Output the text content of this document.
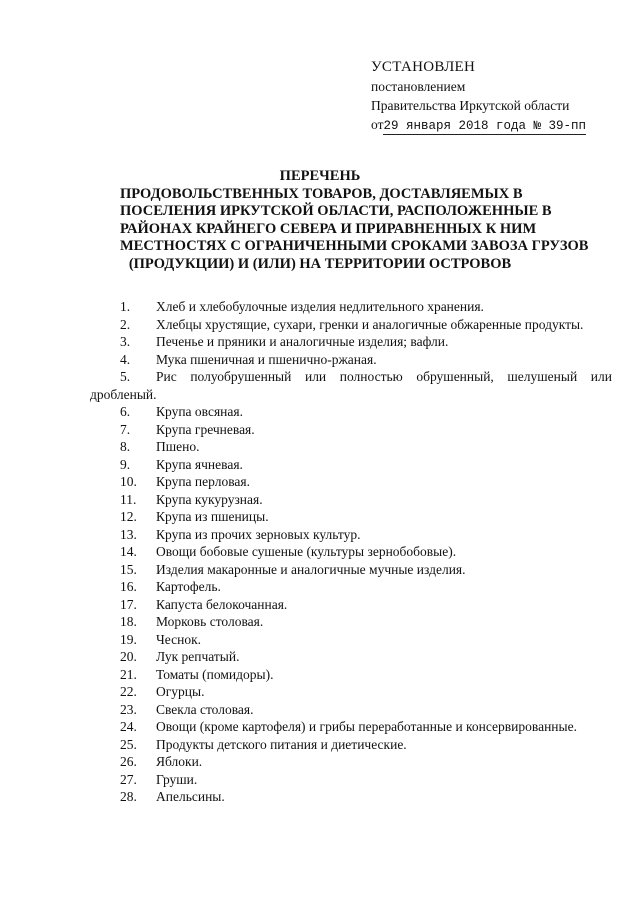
УСТАНОВЛЕН
постановлением
Правительства Иркутской области
от29 января 2018 года № 39-пп
ПЕРЕЧЕНЬ
ПРОДОВОЛЬСТВЕННЫХ ТОВАРОВ, ДОСТАВЛЯЕМЫХ В
ПОСЕЛЕНИЯ ИРКУТСКОЙ ОБЛАСТИ, РАСПОЛОЖЕННЫЕ В
РАЙОНАХ КРАЙНЕГО СЕВЕРА И ПРИРАВНЕННЫХ К НИМ
МЕСТНОСТЯХ С ОГРАНИЧЕННЫМИ СРОКАМИ ЗАВОЗА ГРУЗОВ
(ПРОДУКЦИИ) И (ИЛИ) НА ТЕРРИТОРИИ ОСТРОВОВ
1. Хлеб и хлебобулочные изделия недлительного хранения.
2. Хлебцы хрустящие, сухари, гренки и аналогичные обжаренные продукты.
3. Печенье и пряники и аналогичные изделия; вафли.
4. Мука пшеничная и пшенично-ржаная.
5. Рис полуобрушенный или полностью обрушенный, шелушеный или дробленый.
6. Крупа овсяная.
7. Крупа гречневая.
8. Пшено.
9. Крупа ячневая.
10. Крупа перловая.
11. Крупа кукурузная.
12. Крупа из пшеницы.
13. Крупа из прочих зерновых культур.
14. Овощи бобовые сушеные (культуры зернобобовые).
15. Изделия макаронные и аналогичные мучные изделия.
16. Картофель.
17. Капуста белокочанная.
18. Морковь столовая.
19. Чеснок.
20. Лук репчатый.
21. Томаты (помидоры).
22. Огурцы.
23. Свекла столовая.
24. Овощи (кроме картофеля) и грибы переработанные и консервированные.
25. Продукты детского питания и диетические.
26. Яблоки.
27. Груши.
28. Апельсины.
